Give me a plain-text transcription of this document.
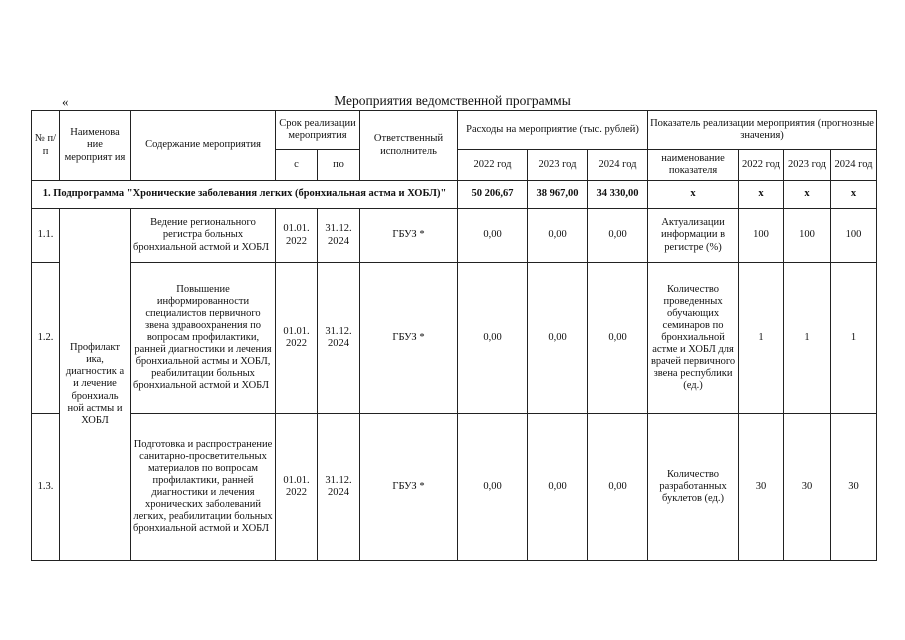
«	Мероприятия ведомственной программы
№ п/п	Наименова ние мероприят ия	Содержание мероприятия	Срок реализации мероприятия		Ответственный исполнитель	Расходы на мероприятие (тыс. рублей)			Показатель реализации мероприятия (прогнозные значения)			
			с	по		2022 год	2023 год	2024 год	наименование показателя	2022 год	2023 год	2024 год
1. Подпрограмма "Хронические заболевания легких (бронхиальная астма и ХОБЛ)"						50 206,67	38 967,00	34 330,00	х	х	х	х
1.1.	Профилакт ика, диагностик а и лечение бронхиаль ной астмы и ХОБЛ	Ведение регионального регистра больных бронхиальной астмой и ХОБЛ	01.01. 2022	31.12. 2024	ГБУЗ *	0,00	0,00	0,00	Актуализации информации в регистре (%)	100	100	100
1.2.		Повышение информированности специалистов первичного звена здравоохранения по вопросам профилактики, ранней диагностики и лечения бронхиальной астмы и ХОБЛ, реабилитации больных бронхиальной астмой и ХОБЛ	01.01. 2022	31.12. 2024	ГБУЗ *	0,00	0,00	0,00	Количество проведенных обучающих семинаров по бронхиальной астме и ХОБЛ для врачей первичного звена республики (ед.)	1	1	1
1.3.		Подготовка и распространение санитарно-просветительных материалов по вопросам профилактики, ранней диагностики и лечения хронических заболеваний легких, реабилитации больных бронхиальной астмой и ХОБЛ	01.01. 2022	31.12. 2024	ГБУЗ *	0,00	0,00	0,00	Количество разработанных буклетов (ед.)	30	30	30
